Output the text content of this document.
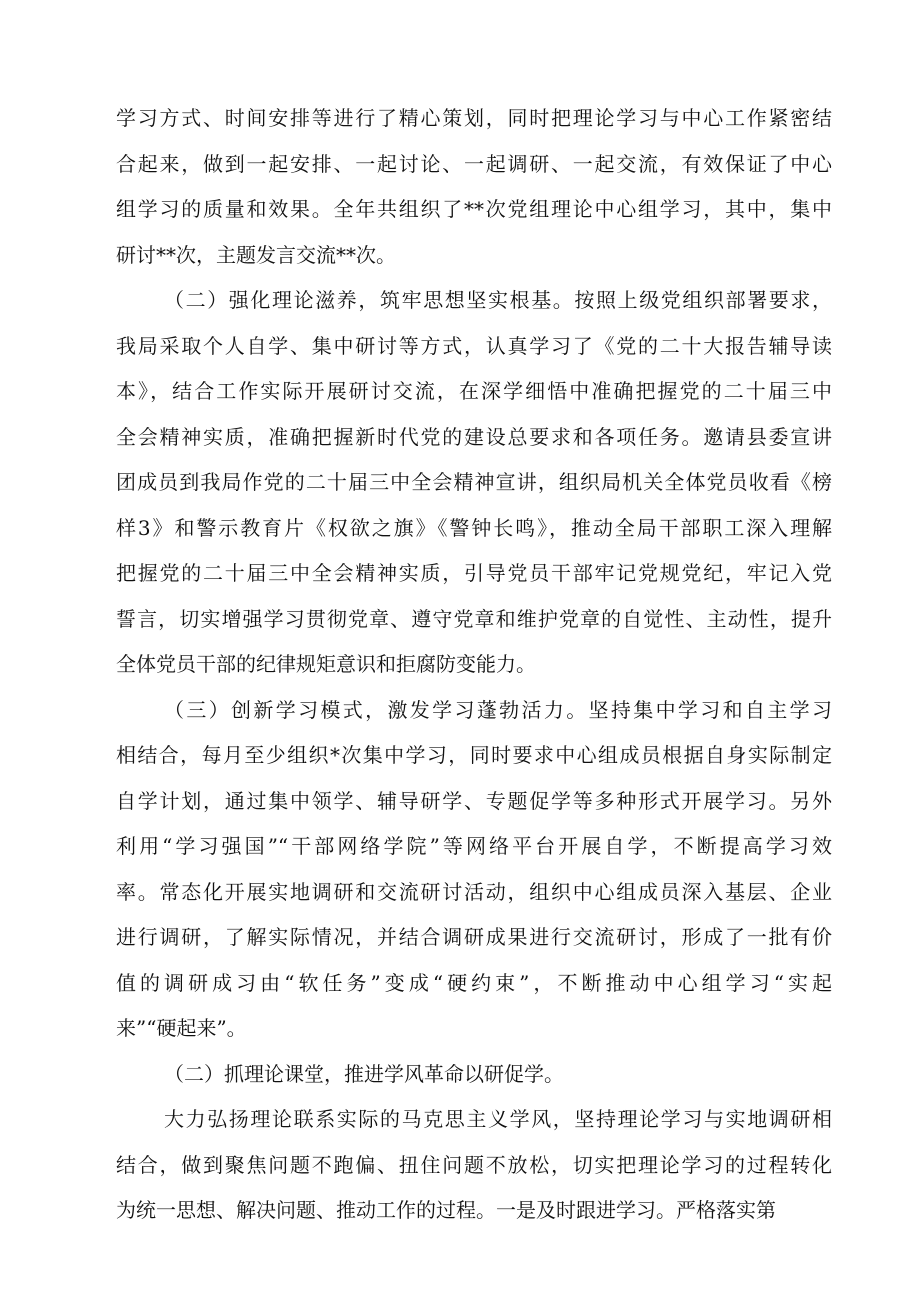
学习方式、时间安排等进行了精心策划，同时把理论学习与中心工作紧密结
合起来，做到一起安排、一起讨论、一起调研、一起交流，有效保证了中心
组学习的质量和效果。全年共组织了**次党组理论中心组学习，其中，集中
研讨**次，主题发言交流**次。
（二）强化理论滋养，筑牢思想坚实根基。按照上级党组织部署要求，
我局采取个人自学、集中研讨等方式，认真学习了《党的二十大报告辅导读
本》，结合工作实际开展研讨交流，在深学细悟中准确把握党的二十届三中
全会精神实质，准确把握新时代党的建设总要求和各项任务。邀请县委宣讲
团成员到我局作党的二十届三中全会精神宣讲，组织局机关全体党员收看《榜
样3》和警示教育片《权欲之旗》《警钟长鸣》，推动全局干部职工深入理解
把握党的二十届三中全会精神实质，引导党员干部牢记党规党纪，牢记入党
誓言，切实增强学习贯彻党章、遵守党章和维护党章的自觉性、主动性，提升
全体党员干部的纪律规矩意识和拒腐防变能力。
（三）创新学习模式，激发学习蓬勃活力。坚持集中学习和自主学习
相结合，每月至少组织*次集中学习，同时要求中心组成员根据自身实际制定
自学计划，通过集中领学、辅导研学、专题促学等多种形式开展学习。另外
利用“学习强国”“干部网络学院”等网络平台开展自学，不断提高学习效
率。常态化开展实地调研和交流研讨活动，组织中心组成员深入基层、企业
进行调研，了解实际情况，并结合调研成果进行交流研讨，形成了一批有价
值的调研成习由“软任务”变成“硬约束”，不断推动中心组学习“实起
来”“硬起来”。
（二）抓理论课堂，推进学风革命以研促学。
大力弘扬理论联系实际的马克思主义学风，坚持理论学习与实地调研相
结合，做到聚焦问题不跑偏、扭住问题不放松，切实把理论学习的过程转化
为统一思想、解决问题、推动工作的过程。一是及时跟进学习。严格落实第
